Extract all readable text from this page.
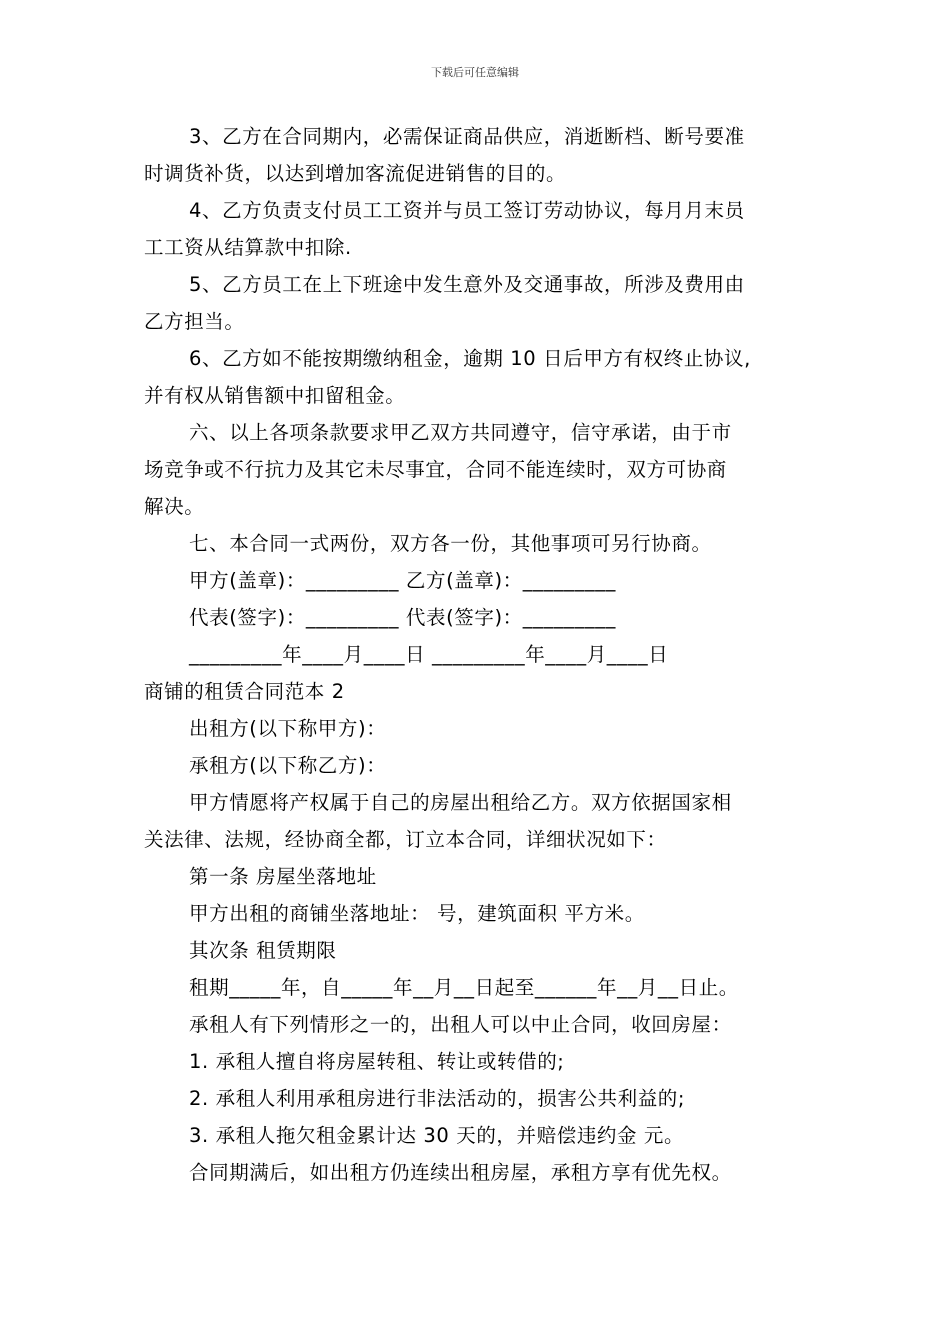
下载后可任意编辑
3、乙方在合同期内，必需保证商品供应，消逝断档、断号要准
时调货补货，以达到增加客流促进销售的目的。
4、乙方负责支付员工工资并与员工签订劳动协议，每月月末员
工工资从结算款中扣除.
5、乙方员工在上下班途中发生意外及交通事故，所涉及费用由
乙方担当。
6、乙方如不能按期缴纳租金，逾期 10 日后甲方有权终止协议,
并有权从销售额中扣留租金。
六、以上各项条款要求甲乙双方共同遵守，信守承诺，由于市
场竞争或不行抗力及其它未尽事宜，合同不能连续时，双方可协商
解决。
七、本合同一式两份，双方各一份，其他事项可另行协商。
甲方(盖章)：_________ 乙方(盖章)：_________
代表(签字)：_________ 代表(签字)：_________
_________年____月____日 _________年____月____日
商铺的租赁合同范本 2
出租方(以下称甲方)：
承租方(以下称乙方)：
甲方情愿将产权属于自己的房屋出租给乙方。双方依据国家相
关法律、法规，经协商全都，订立本合同，详细状况如下：
第一条 房屋坐落地址
甲方出租的商铺坐落地址： 号，建筑面积 平方米。
其次条 租赁期限
租期_____年，自_____年__月__日起至______年__月__日止。
承租人有下列情形之一的，出租人可以中止合同，收回房屋：
1. 承租人擅自将房屋转租、转让或转借的;
2. 承租人利用承租房进行非法活动的，损害公共利益的;
3. 承租人拖欠租金累计达 30 天的，并赔偿违约金 元。
合同期满后，如出租方仍连续出租房屋，承租方享有优先权。
